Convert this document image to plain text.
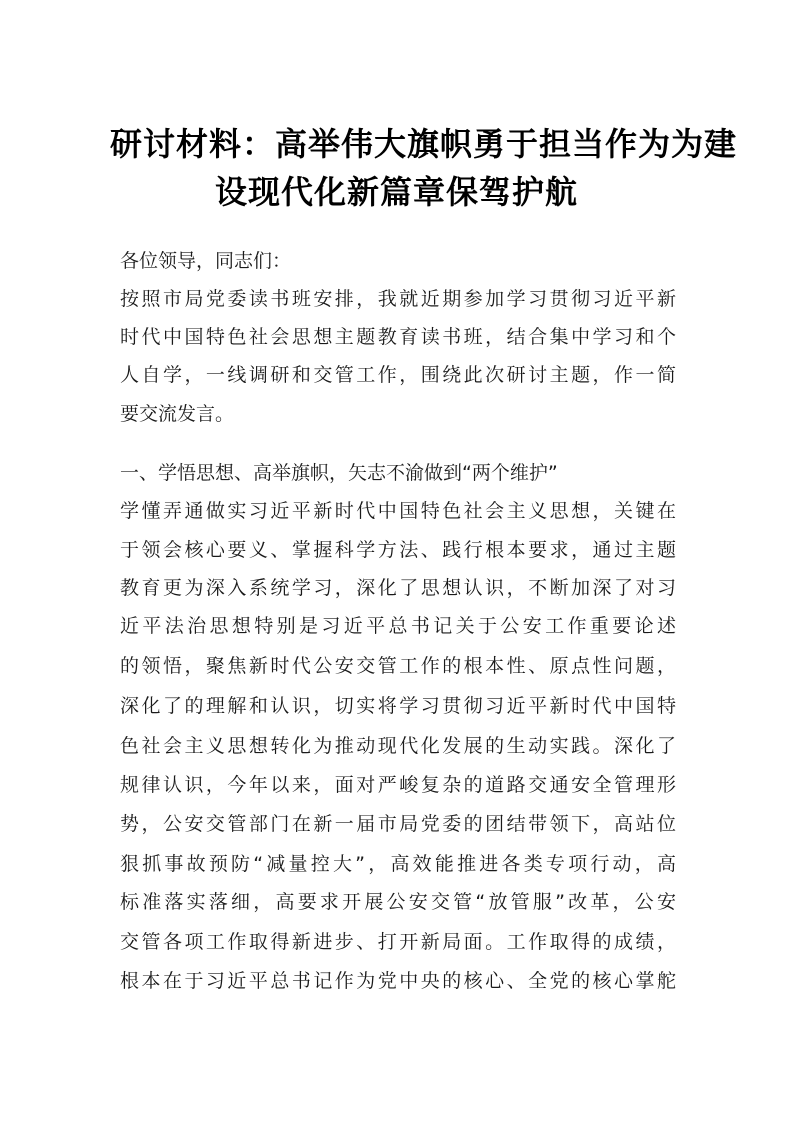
研讨材料：高举伟大旗帜勇于担当作为为建
设现代化新篇章保驾护航

各位领导，同志们：

按照市局党委读书班安排，我就近期参加学习贯彻习近平新

时代中国特色社会思想主题教育读书班，结合集中学习和个

人自学，一线调研和交管工作，围绕此次研讨主题，作一简

要交流发言。

一、学悟思想、高举旗帜，矢志不渝做到“两个维护”

学懂弄通做实习近平新时代中国特色社会主义思想，关键在

于领会核心要义、掌握科学方法、践行根本要求，通过主题

教育更为深入系统学习，深化了思想认识，不断加深了对习

近平法治思想特别是习近平总书记关于公安工作重要论述

的领悟，聚焦新时代公安交管工作的根本性、原点性问题，

深化了的理解和认识，切实将学习贯彻习近平新时代中国特

色社会主义思想转化为推动现代化发展的生动实践。深化了

规律认识，今年以来，面对严峻复杂的道路交通安全管理形

势，公安交管部门在新一届市局党委的团结带领下，高站位

狠抓事故预防“减量控大”，高效能推进各类专项行动，高

标准落实落细，高要求开展公安交管“放管服”改革，公安

交管各项工作取得新进步、打开新局面。工作取得的成绩，

根本在于习近平总书记作为党中央的核心、全党的核心掌舵
